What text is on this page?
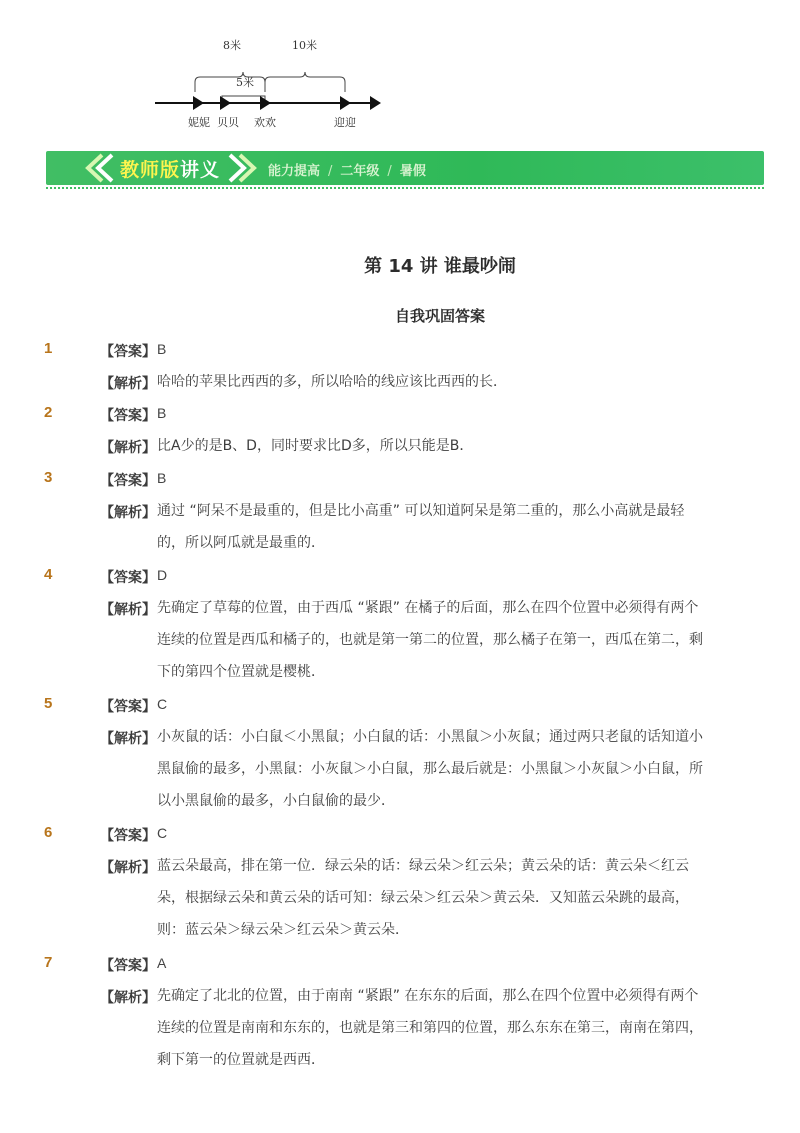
8米
5米
10米
妮妮 贝贝 欢欢	迎迎
教师版讲义	能力提高 / 二年级 / 暑假
第 14 讲 谁最吵闹
自我巩固答案
1	【答案】 B
【解析】 哈哈的苹果比西西的多，所以哈哈的线应该比西西的长．
2	【答案】 B
【解析】 比A少的是B、D，同时要求比D多，所以只能是B．
3	【答案】 B
【解析】 通过 “阿呆不是最重的，但是比小高重” 可以知道阿呆是第二重的，那么小高就是最轻
的，所以阿瓜就是最重的．
4	【答案】 D
【解析】 先确定了草莓的位置，由于西瓜 “紧跟” 在橘子的后面，那么在四个位置中必须得有两个
连续的位置是西瓜和橘子的，也就是第一第二的位置，那么橘子在第一，西瓜在第二，剩
下的第四个位置就是樱桃．
5	【答案】 C
【解析】 小灰鼠的话：小白鼠＜小黑鼠；小白鼠的话：小黑鼠＞小灰鼠；通过两只老鼠的话知道小
黑鼠偷的最多，小黑鼠：小灰鼠＞小白鼠，那么最后就是：小黑鼠＞小灰鼠＞小白鼠，所
以小黑鼠偷的最多，小白鼠偷的最少．
6	【答案】 C
【解析】 蓝云朵最高，排在第一位．绿云朵的话：绿云朵＞红云朵；黄云朵的话：黄云朵＜红云
朵，根据绿云朵和黄云朵的话可知：绿云朵＞红云朵＞黄云朵．又知蓝云朵跳的最高，
则：蓝云朵＞绿云朵＞红云朵＞黄云朵．
7	【答案】 A
【解析】 先确定了北北的位置，由于南南 “紧跟” 在东东的后面，那么在四个位置中必须得有两个
连续的位置是南南和东东的，也就是第三和第四的位置，那么东东在第三，南南在第四，
剩下第一的位置就是西西．
